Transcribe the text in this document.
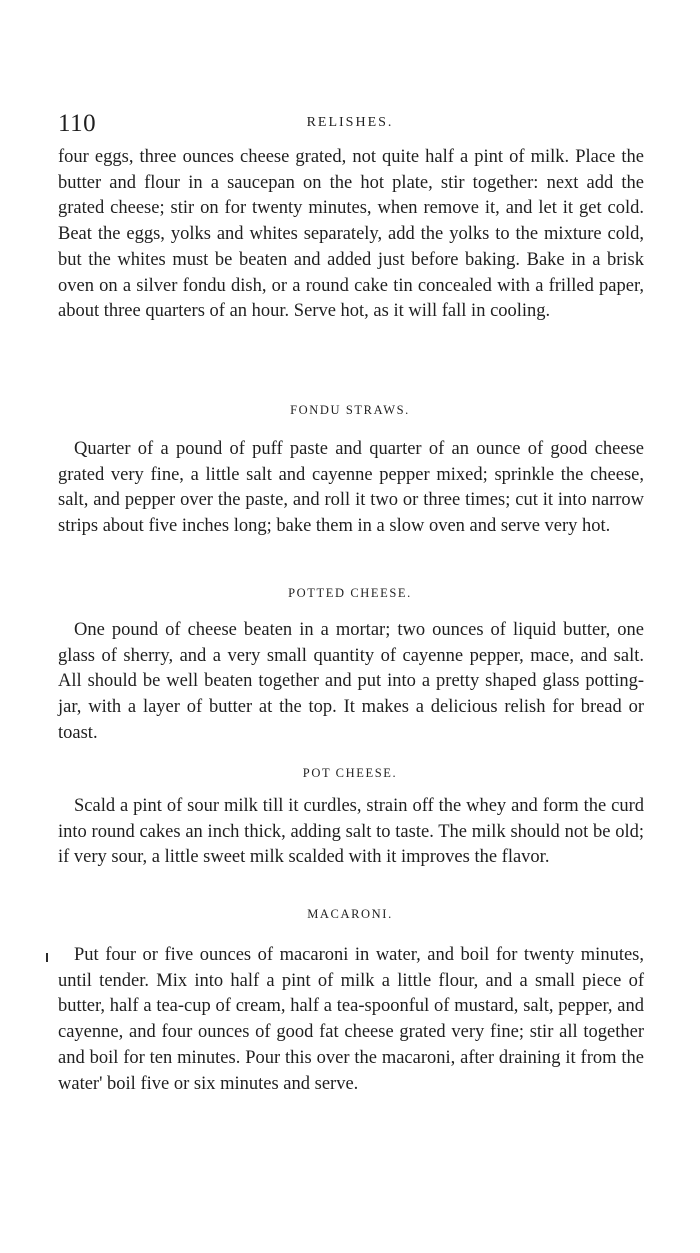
110	RELISHES.
four eggs, three ounces cheese grated, not quite half a pint of milk. Place the butter and flour in a saucepan on the hot plate, stir together: next add the grated cheese; stir on for twenty minutes, when remove it, and let it get cold. Beat the eggs, yolks and whites separately, add the yolks to the mixture cold, but the whites must be beaten and added just before baking. Bake in a brisk oven on a silver fondu dish, or a round cake tin concealed with a frilled paper, about three quarters of an hour. Serve hot, as it will fall in cooling.
FONDU STRAWS.
Quarter of a pound of puff paste and quarter of an ounce of good cheese grated very fine, a little salt and cayenne pepper mixed; sprinkle the cheese, salt, and pepper over the paste, and roll it two or three times; cut it into narrow strips about five inches long; bake them in a slow oven and serve very hot.
POTTED CHEESE.
One pound of cheese beaten in a mortar; two ounces of liquid butter, one glass of sherry, and a very small quantity of cayenne pepper, mace, and salt. All should be well beaten together and put into a pretty shaped glass potting-jar, with a layer of butter at the top. It makes a delicious relish for bread or toast.
POT CHEESE.
Scald a pint of sour milk till it curdles, strain off the whey and form the curd into round cakes an inch thick, adding salt to taste. The milk should not be old; if very sour, a little sweet milk scalded with it improves the flavor.
MACARONI.
Put four or five ounces of macaroni in water, and boil for twenty minutes, until tender. Mix into half a pint of milk a little flour, and a small piece of butter, half a tea-cup of cream, half a tea-spoonful of mustard, salt, pepper, and cayenne, and four ounces of good fat cheese grated very fine; stir all together and boil for ten minutes. Pour this over the macaroni, after draining it from the water' boil five or six minutes and serve.
